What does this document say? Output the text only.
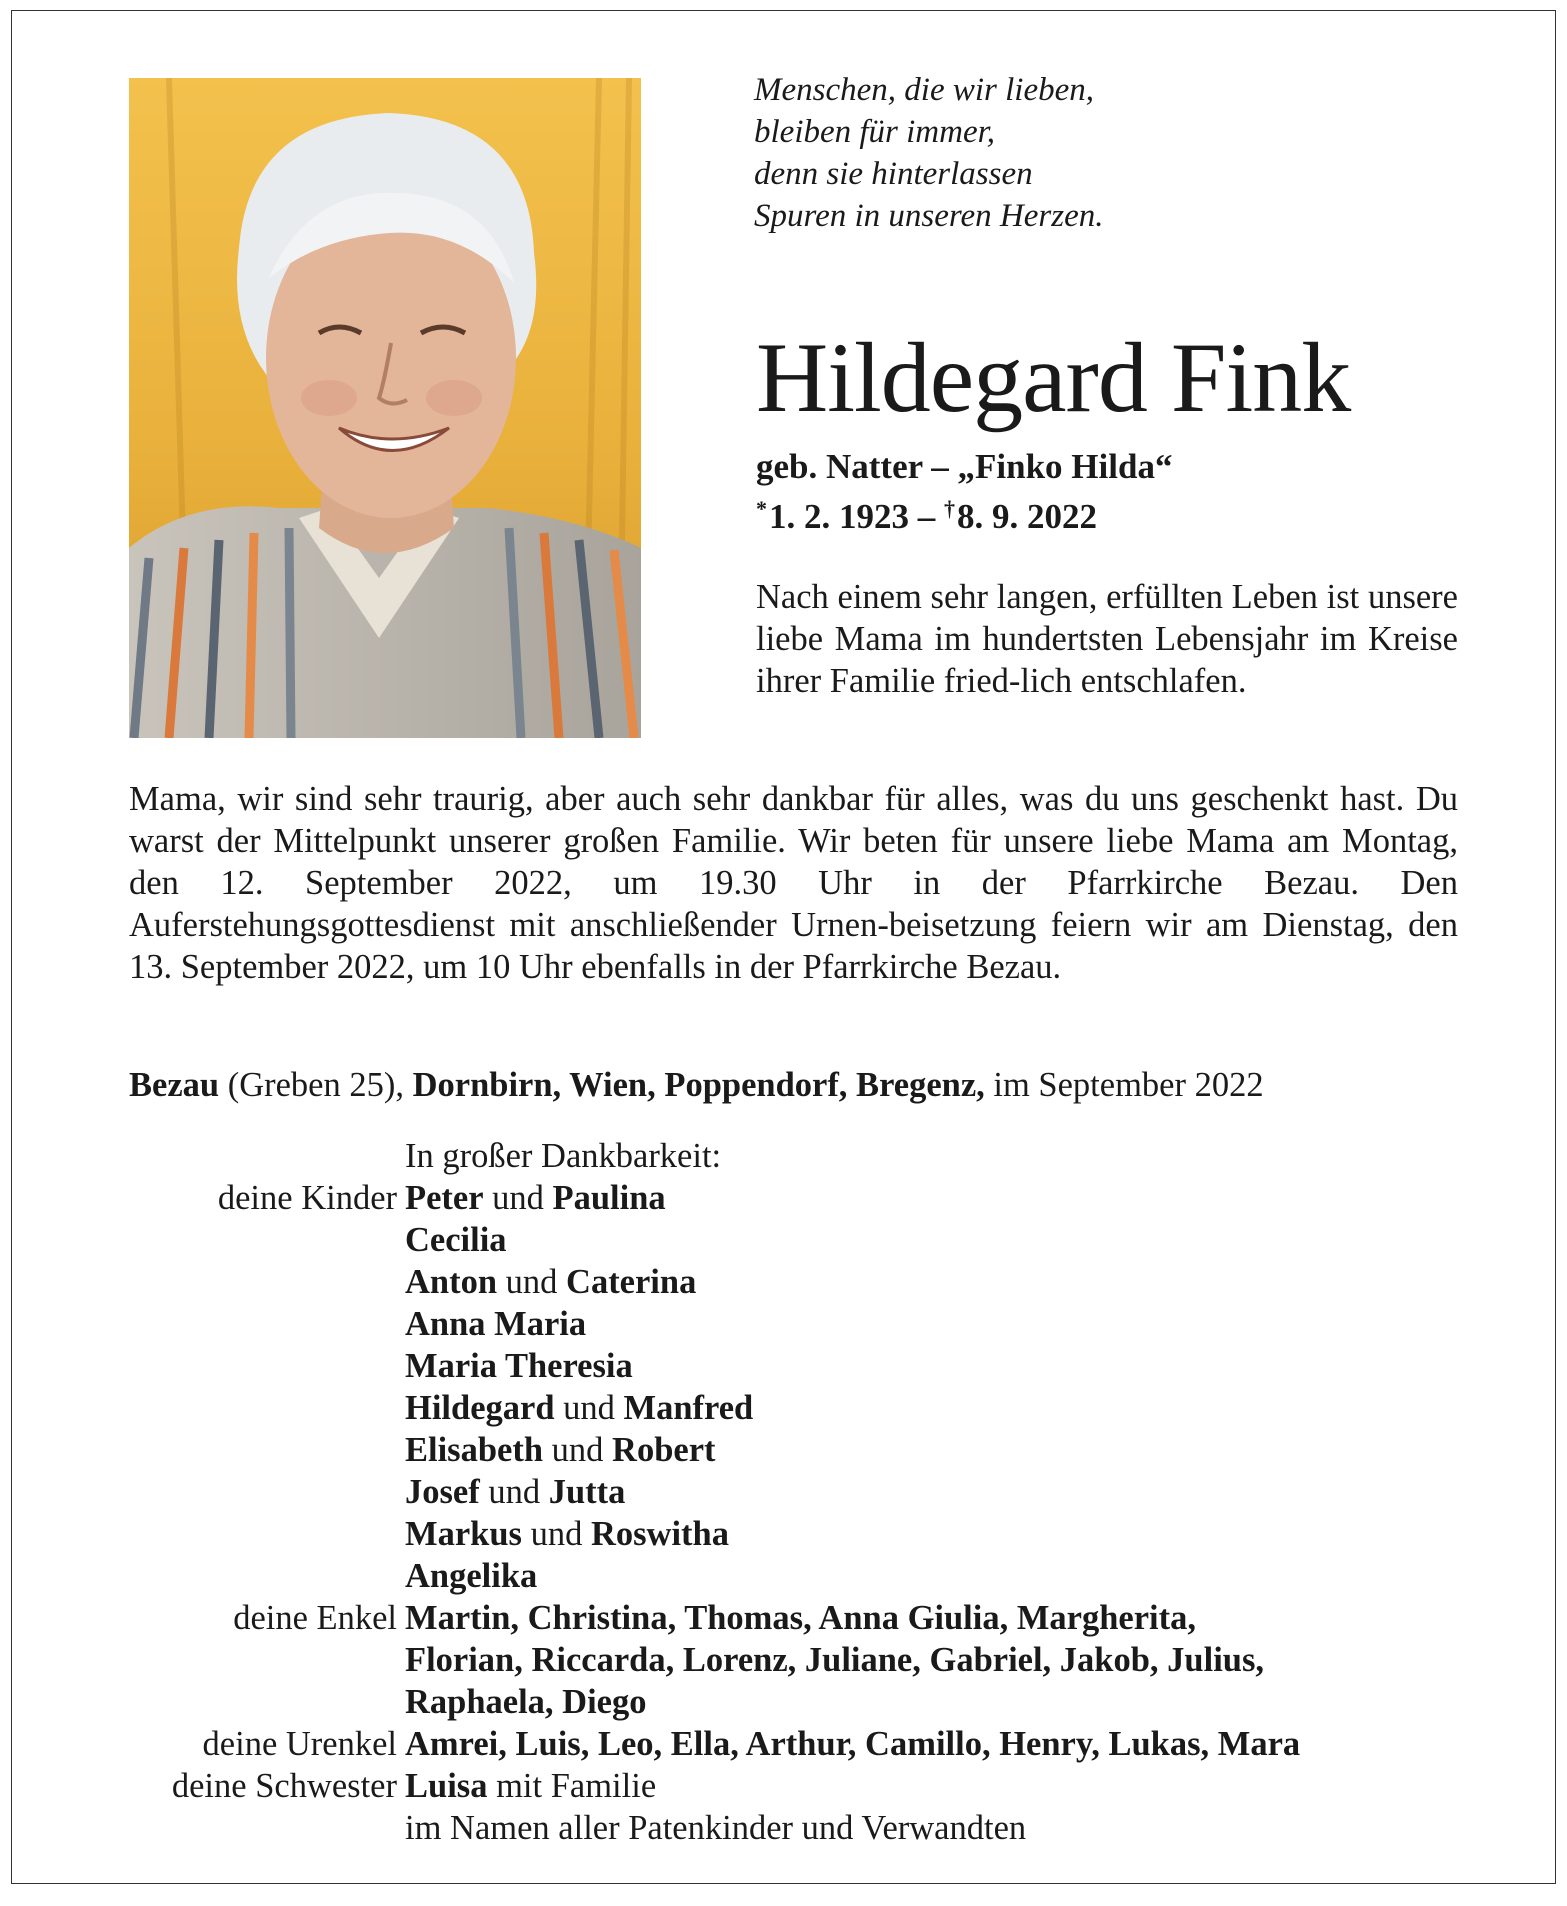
Menschen, die wir lieben,
bleiben für immer,
denn sie hinterlassen
Spuren in unseren Herzen.
Hildegard Fink
geb. Natter – „Finko Hilda“
*1. 2. 1923 – †8. 9. 2022
Nach einem sehr langen, erfüllten Leben ist unsere liebe Mama im hundertsten Lebensjahr im Kreise ihrer Familie fried-lich entschlafen.
Mama, wir sind sehr traurig, aber auch sehr dankbar für alles, was du uns geschenkt hast. Du warst der Mittelpunkt unserer großen Familie. Wir beten für unsere liebe Mama am Montag, den 12. September 2022, um 19.30 Uhr in der Pfarrkirche Bezau. Den Auferstehungsgottesdienst mit anschließender Urnen-beisetzung feiern wir am Dienstag, den 13. September 2022, um 10 Uhr ebenfalls in der Pfarrkirche Bezau.
Bezau (Greben 25), Dornbirn, Wien, Poppendorf, Bregenz, im September 2022
In großer Dankbarkeit:
deine Kinder Peter und Paulina
Cecilia
Anton und Caterina
Anna Maria
Maria Theresia
Hildegard und Manfred
Elisabeth und Robert
Josef und Jutta
Markus und Roswitha
Angelika
deine Enkel Martin, Christina, Thomas, Anna Giulia, Margherita,
Florian, Riccarda, Lorenz, Juliane, Gabriel, Jakob, Julius,
Raphaela, Diego
deine Urenkel Amrei, Luis, Leo, Ella, Arthur, Camillo, Henry, Lukas, Mara
deine Schwester Luisa mit Familie
im Namen aller Patenkinder und Verwandten
